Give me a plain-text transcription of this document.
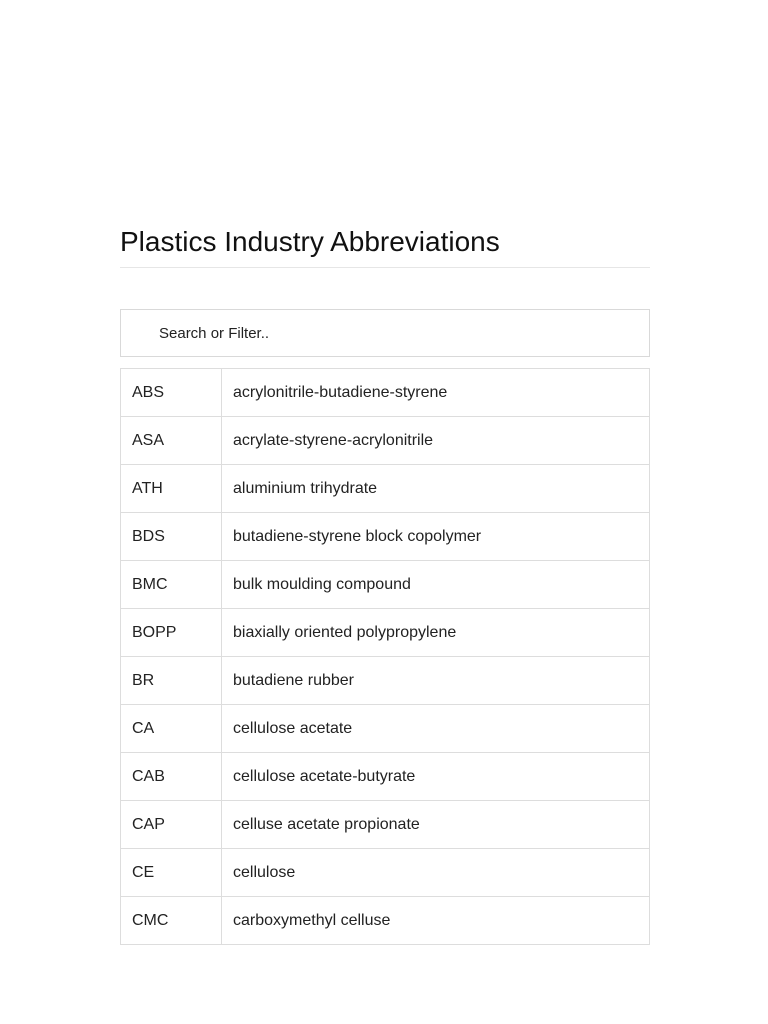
Plastics Industry Abbreviations
Search or Filter..
ABS	acrylonitrile-butadiene-styrene
ASA	acrylate-styrene-acrylonitrile
ATH	aluminium trihydrate
BDS	butadiene-styrene block copolymer
BMC	bulk moulding compound
BOPP	biaxially oriented polypropylene
BR	butadiene rubber
CA	cellulose acetate
CAB	cellulose acetate-butyrate
CAP	celluse acetate propionate
CE	cellulose
CMC	carboxymethyl celluse
